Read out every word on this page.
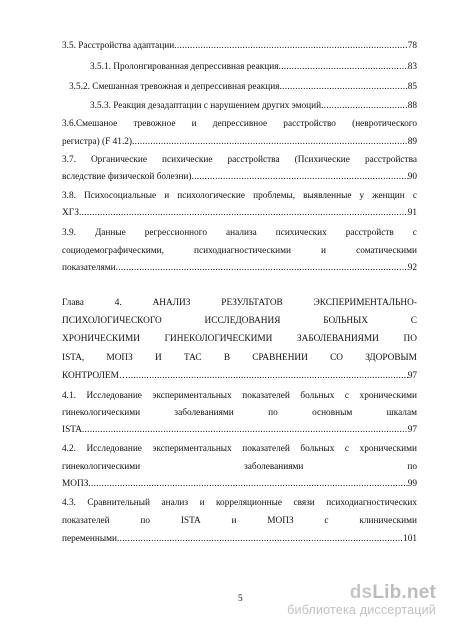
3.5. Расстройства адаптации .....	78
3.5.1. Пролонгированная депрессивная реакция .....	83
3.5.2. Смешанная тревожная и депрессивная реакция .....	85
3.5.3. Реакция дезадаптации с нарушением других эмоций .....	88
3.6.Смешаное тревожное и депрессивное расстройство (невротического
регистра) (F 41.2) .....	89
3.7. Органические психические расстройства (Психические расстройства
вследствие физической болезни) .....	90
3.8. Психосоциальные и психологические проблемы, выявленные у женщин с
ХГЗ .....	91
3.9. Данные регрессионного анализа психических расстройств с
социодемографическими,	психодиагностическими	и	соматическими
показателями .....	92
Глава	4.	АНАЛИЗ	РЕЗУЛЬТАТОВ	ЭКСПЕРИМЕНТАЛЬНО-
ПСИХОЛОГИЧЕСКОГО	ИССЛЕДОВАНИЯ	БОЛЬНЫХ	С
ХРОНИЧЕСКИМИ	ГИНЕКОЛОГИЧЕСКИМИ	ЗАБОЛЕВАНИЯМИ	ПО
ISTA, МОПЗ И ТАС В СРАВНЕНИИ СО ЗДОРОВЫМ
КОНТРОЛЕМ… .....	97
4.1. Исследование экспериментальных показателей больных с хроническими
гинекологическими	заболеваниями	по	основным	шкалам
ISTA .....	97
4.2. Исследование экспериментальных показателей больных с хроническими
гинекологическими	заболеваниями	по
МОПЗ .....	99
4.3. Сравнительный анализ и корреляционные связи психодиагностических
показателей	по	ISTA	и	МОПЗ	с	клиническими
переменными .....	101
5	dsLib.net
библиотека диссертаций
